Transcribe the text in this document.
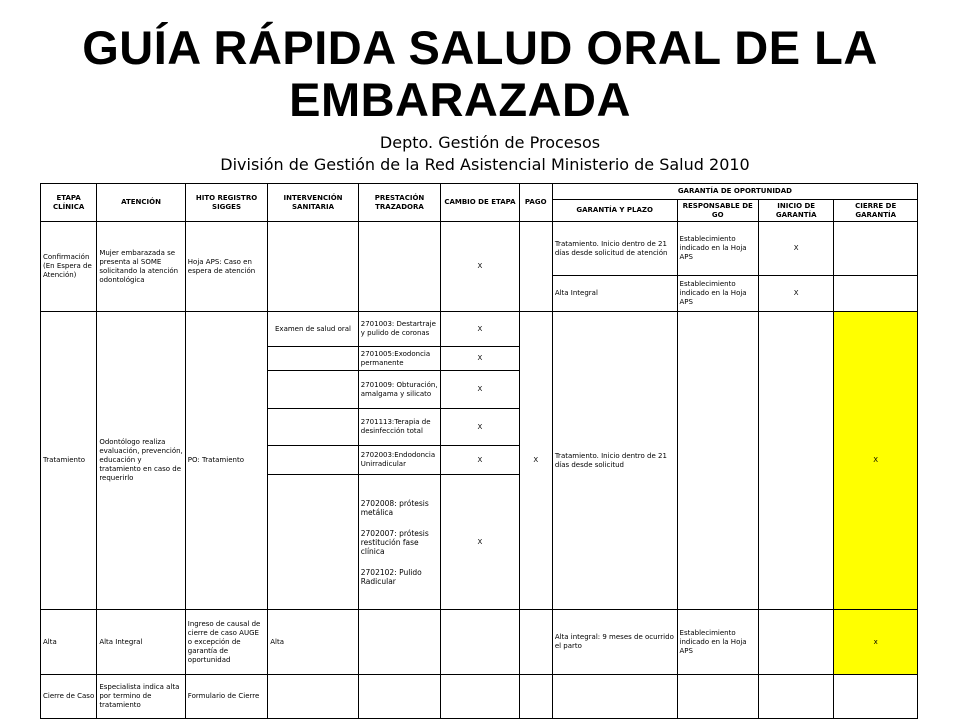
GUÍA RÁPIDA SALUD ORAL DE LA
EMBARAZADA
Depto. Gestión de Procesos
División de Gestión de la Red Asistencial Ministerio de Salud 2010
ETAPA CLÍNICA	ATENCIÓN	HITO REGISTRO SIGGES	INTERVENCIÓN SANITARIA	PRESTACIÓN TRAZADORA	CAMBIO DE ETAPA	PAGO	GARANTÍA DE OPORTUNIDAD			
							GARANTÍA Y PLAZO	RESPONSABLE DE GO	INICIO DE GARANTÍA	CIERRE DE GARANTÍA
Confirmación (En Espera de Atención)	Mujer embarazada se presenta al SOME solicitando la atención odontológica	Hoja APS: Caso en espera de atención			X		Tratamiento. Inicio dentro de 21 días desde solicitud de atención	Establecimiento indicado en la Hoja APS	X	
							Alta Integral	Establecimiento indicado en la Hoja APS	X	
Tratamiento	Odontólogo realiza evaluación, prevención, educación y tratamiento en caso de requerirlo	PO: Tratamiento	Examen de salud oral	2701003: Destartraje y pulido de coronas	X	X	Tratamiento. Inicio dentro de 21 días desde solicitud			X
				2701005:Exodoncia permanente	X					
				2701009: Obturación, amalgama y silicato	X					
				2701113:Terapia de desinfección total	X					
				2702003:Endodoncia Unirradicular	X					

				2702008: prótesis metálica
2702007: prótesis restitución fase clínica
2702102: Pulido Radicular	X					
Alta	Alta Integral	Ingreso de causal de cierre de caso AUGE o excepción de garantía de oportunidad	Alta				Alta integral: 9 meses de ocurrido el parto	Establecimiento indicado en la Hoja APS		x
Cierre de Caso	Especialista indica alta por termino de tratamiento	Formulario de Cierre								
